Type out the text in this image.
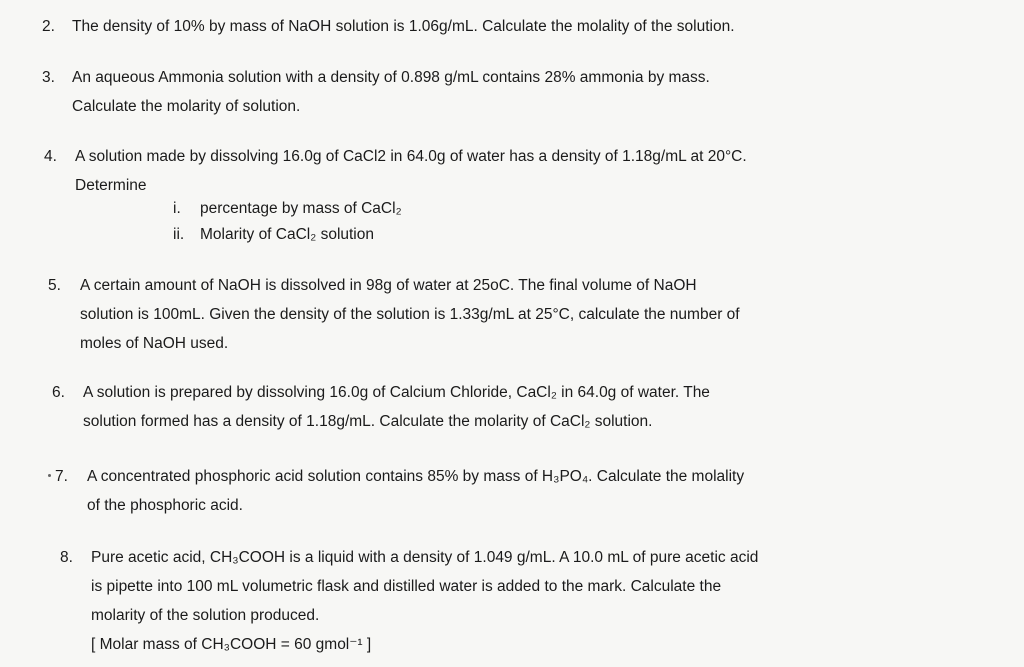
2. The density of 10% by mass of NaOH solution is 1.06g/mL. Calculate the molality of the solution.
3. An aqueous Ammonia solution with a density of 0.898 g/mL contains 28% ammonia by mass.
Calculate the molarity of solution.
4. A solution made by dissolving 16.0g of CaCl2 in 64.0g of water has a density of 1.18g/mL at 20°C.
Determine
i. percentage by mass of CaCl₂
ii. Molarity of CaCl₂ solution
5. A certain amount of NaOH is dissolved in 98g of water at 25oC. The final volume of NaOH
solution is 100mL. Given the density of the solution is 1.33g/mL at 25°C, calculate the number of
moles of NaOH used.
6. A solution is prepared by dissolving 16.0g of Calcium Chloride, CaCl₂ in 64.0g of water. The
solution formed has a density of 1.18g/mL. Calculate the molarity of CaCl₂ solution.
7. A concentrated phosphoric acid solution contains 85% by mass of H₃PO₄. Calculate the molality
of the phosphoric acid.
8. Pure acetic acid, CH₃COOH is a liquid with a density of 1.049 g/mL. A 10.0 mL of pure acetic acid
is pipette into 100 mL volumetric flask and distilled water is added to the mark. Calculate the
molarity of the solution produced.
[ Molar mass of CH₃COOH = 60 gmol⁻¹ ]
